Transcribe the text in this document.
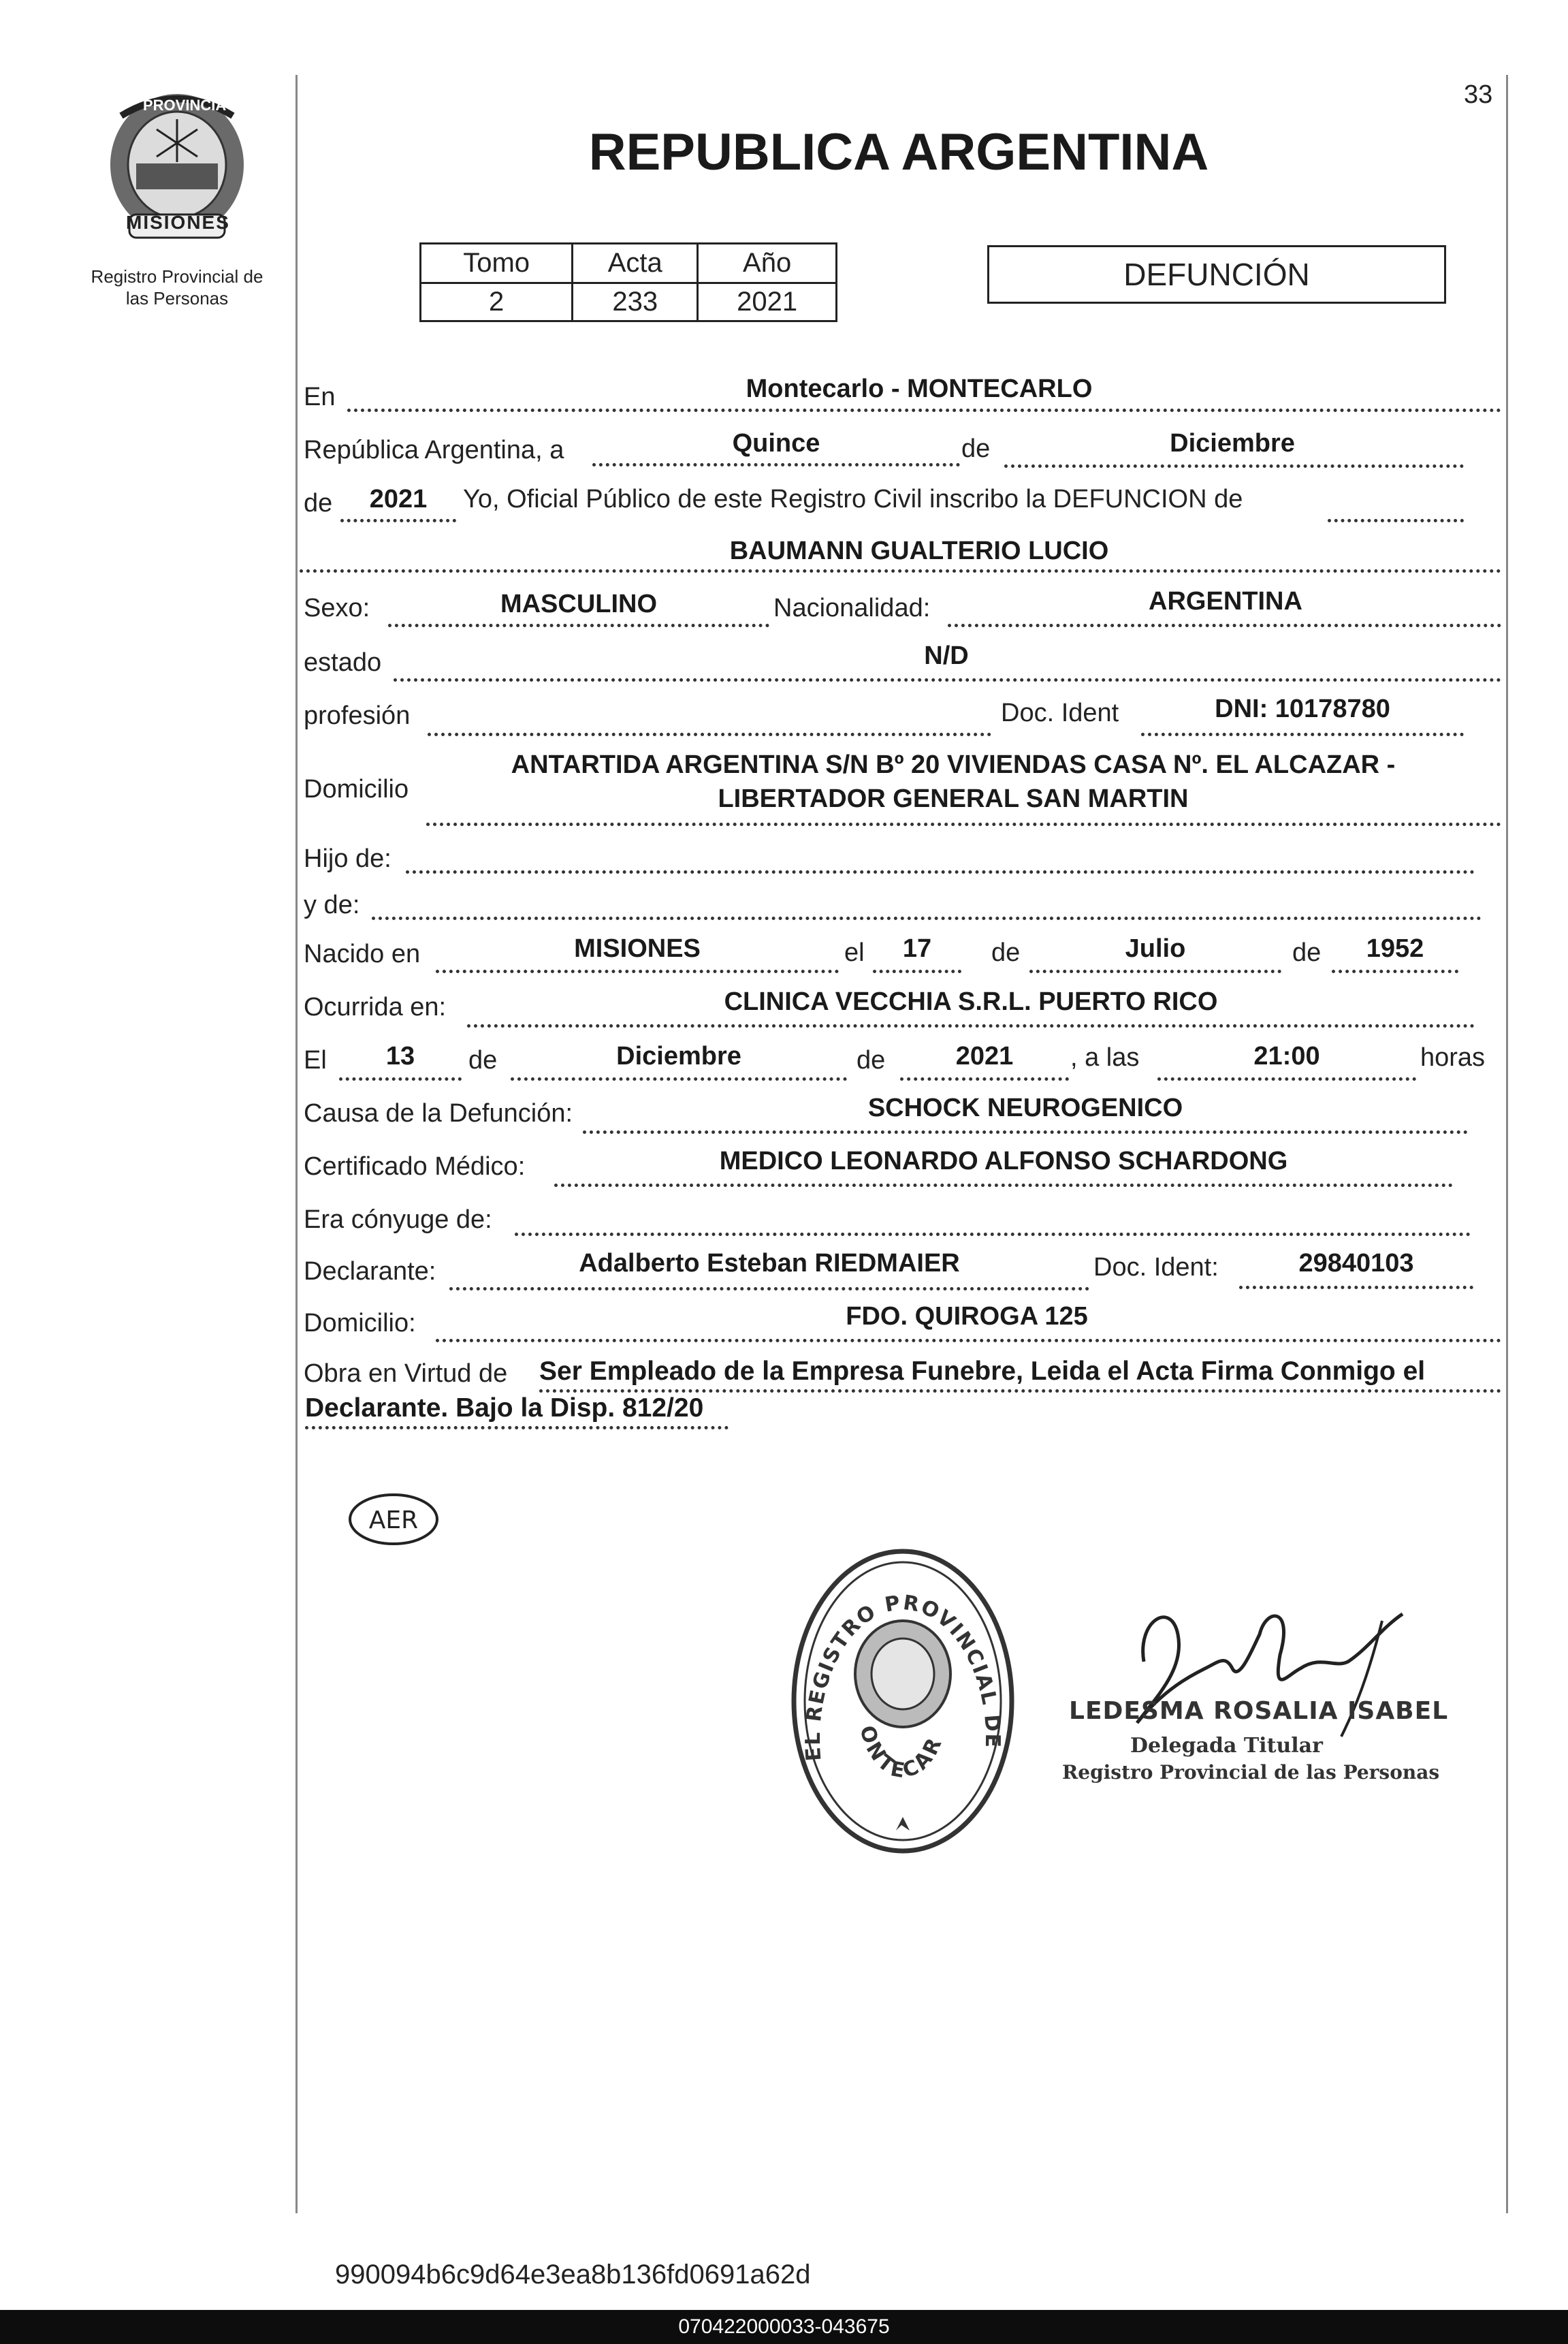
33
PROVINCIA DE
MISIONES
Registro Provincial de
las Personas
REPUBLICA ARGENTINA
Tomo	Acta	Año
2	233	2021
DEFUNCIÓN
En	Montecarlo - MONTECARLO
República Argentina, a	Quince	de	Diciembre
de	2021	Yo, Oficial Público de este Registro Civil inscribo la DEFUNCION de
BAUMANN GUALTERIO LUCIO
Sexo:	MASCULINO	Nacionalidad:	ARGENTINA
estado	N/D
profesión	Doc. Ident	DNI: 10178780
Domicilio
ANTARTIDA ARGENTINA S/N Bº 20 VIVIENDAS CASA Nº. EL ALCAZAR -
LIBERTADOR GENERAL SAN MARTIN
Hijo de:
y de:
Nacido en	MISIONES	el	17	de	Julio	de	1952
Ocurrida en:	CLINICA VECCHIA S.R.L. PUERTO RICO
El	13	de	Diciembre	de	2021	, a las	21:00	horas
Causa de la Defunción:	SCHOCK NEUROGENICO
Certificado Médico:	MEDICO LEONARDO ALFONSO SCHARDONG
Era cónyuge de:
Declarante:	Adalberto Esteban RIEDMAIER	Doc. Ident:	29840103
Domicilio:	FDO. QUIROGA 125
Obra en Virtud de Ser Empleado de la Empresa Funebre, Leida el Acta Firma Conmigo el
Declarante. Bajo la Disp. 812/20
AER
EL REGISTRO PROVINCIAL DE
ONTECAR
LEDESMA ROSALIA ISABEL
Delegada Titular
Registro Provincial de las Personas
990094b6c9d64e3ea8b136fd0691a62d
070422000033-043675
